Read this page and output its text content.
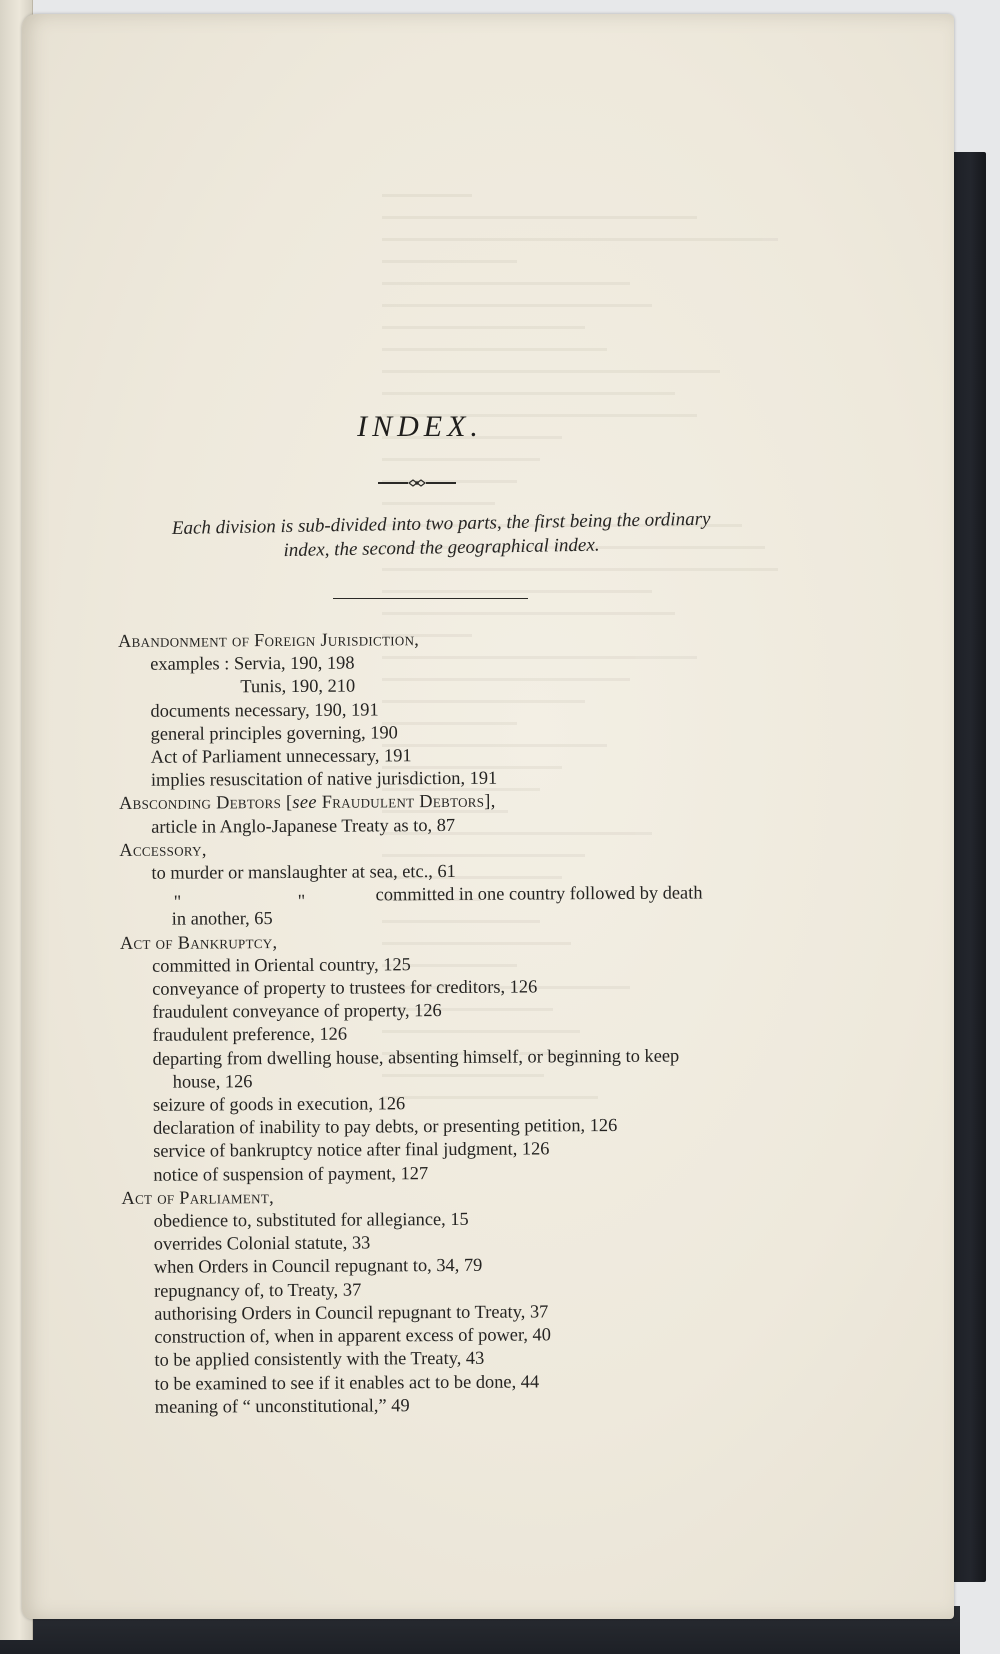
INDEX.
Each division is sub-divided into two parts, the first being the ordinary
index, the second the geographical index.
Abandonment of Foreign Jurisdiction,
examples : Servia, 190, 198
Tunis, 190, 210
documents necessary, 190, 191
general principles governing, 190
Act of Parliament unnecessary, 191
implies resuscitation of native jurisdiction, 191
Absconding Debtors [see Fraudulent Debtors],
article in Anglo-Japanese Treaty as to, 87
Accessory,
to murder or manslaughter at sea, etc., 61
"	"	committed in one country followed by death
in another, 65
Act of Bankruptcy,
committed in Oriental country, 125
conveyance of property to trustees for creditors, 126
fraudulent conveyance of property, 126
fraudulent preference, 126
departing from dwelling house, absenting himself, or beginning to keep
house, 126
seizure of goods in execution, 126
declaration of inability to pay debts, or presenting petition, 126
service of bankruptcy notice after final judgment, 126
notice of suspension of payment, 127
Act of Parliament,
obedience to, substituted for allegiance, 15
overrides Colonial statute, 33
when Orders in Council repugnant to, 34, 79
repugnancy of, to Treaty, 37
authorising Orders in Council repugnant to Treaty, 37
construction of, when in apparent excess of power, 40
to be applied consistently with the Treaty, 43
to be examined to see if it enables act to be done, 44
meaning of “ unconstitutional,” 49
